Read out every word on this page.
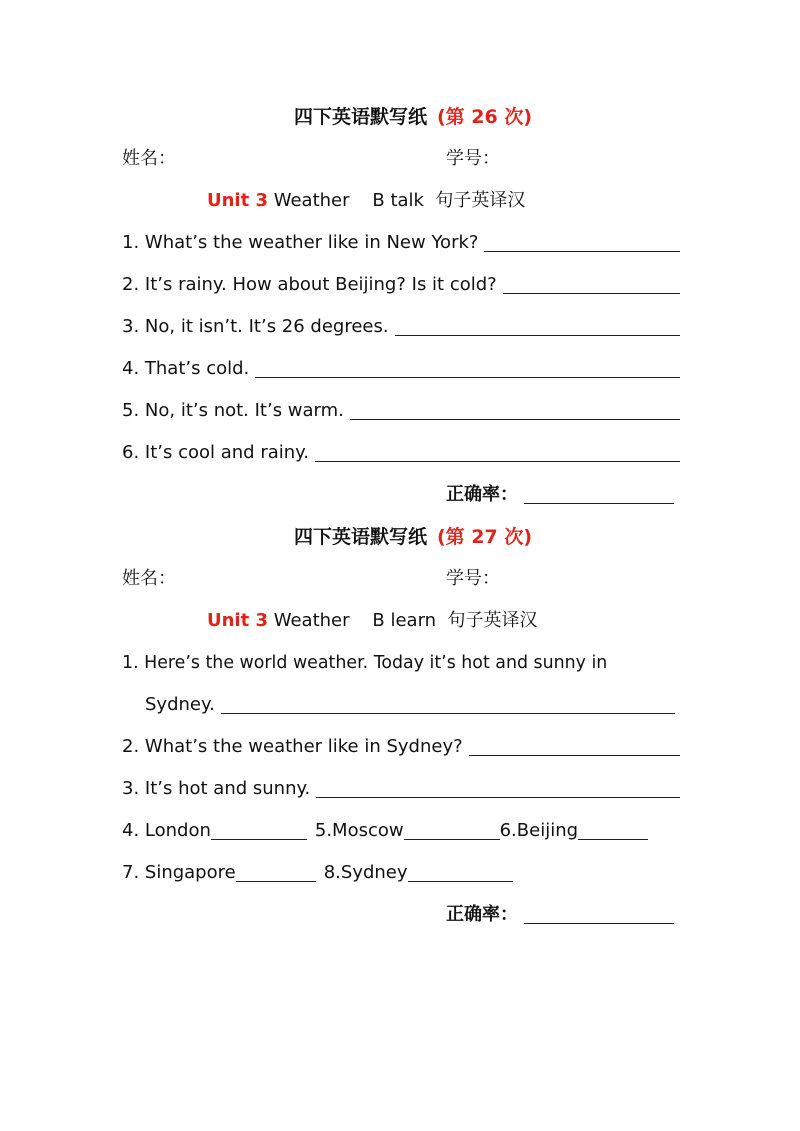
四下英语默写纸 (第 26 次)
姓名：	学号：
Unit 3 Weather    B talk  句子英译汉
1. What’s the weather like in New York?
2. It’s rainy. How about Beijing? Is it cold?
3. No, it isn’t. It’s 26 degrees.
4. That’s cold.
5. No, it’s not. It’s warm.
6. It’s cool and rainy.
正确率：
四下英语默写纸 (第 27 次)
姓名：	学号：
Unit 3 Weather    B learn  句子英译汉
1. Here’s the world weather. Today it’s hot and sunny in
Sydney.
2. What’s the weather like in Sydney?
3. It’s hot and sunny.
4. London	5.Moscow	6.Beijing
7. Singapore	8.Sydney
正确率：
